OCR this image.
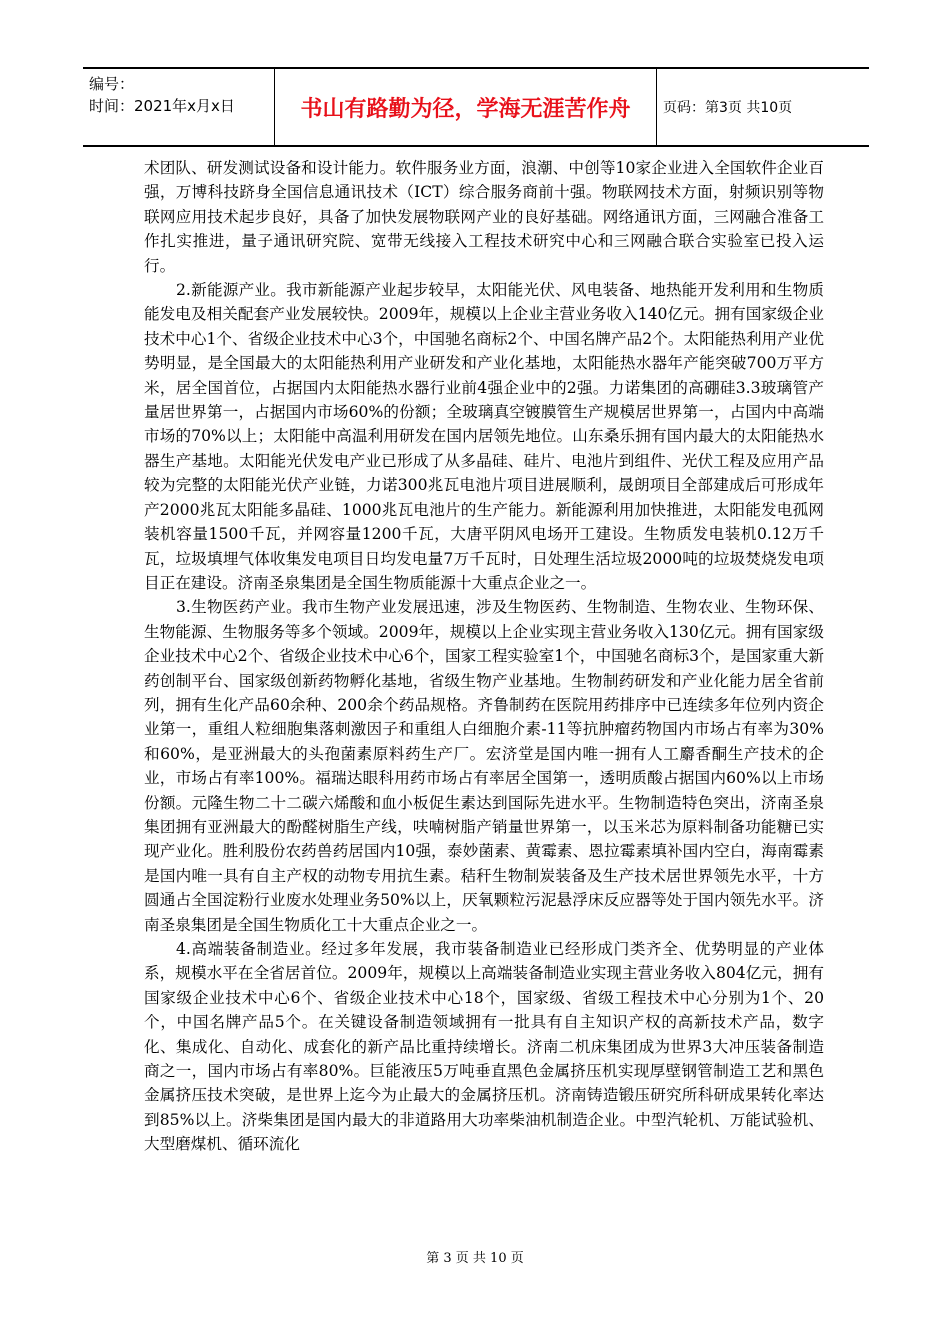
编号：
时间：2021年x月x日	书山有路勤为径，学海无涯苦作舟	页码：第3页 共10页

术团队、研发测试设备和设计能力。软件服务业方面，浪潮、中创等10家企业进入全国软件企业百强，万博科技跻身全国信息通讯技术（ICT）综合服务商前十强。物联网技术方面，射频识别等物联网应用技术起步良好，具备了加快发展物联网产业的良好基础。网络通讯方面，三网融合准备工作扎实推进，量子通讯研究院、宽带无线接入工程技术研究中心和三网融合联合实验室已投入运行。

2.新能源产业。我市新能源产业起步较早，太阳能光伏、风电装备、地热能开发利用和生物质能发电及相关配套产业发展较快。2009年，规模以上企业主营业务收入140亿元。拥有国家级企业技术中心1个、省级企业技术中心3个，中国驰名商标2个、中国名牌产品2个。太阳能热利用产业优势明显，是全国最大的太阳能热利用产业研发和产业化基地，太阳能热水器年产能突破700万平方米，居全国首位，占据国内太阳能热水器行业前4强企业中的2强。力诺集团的高硼硅3.3玻璃管产量居世界第一，占据国内市场60%的份额；全玻璃真空镀膜管生产规模居世界第一，占国内中高端市场的70%以上；太阳能中高温利用研发在国内居领先地位。山东桑乐拥有国内最大的太阳能热水器生产基地。太阳能光伏发电产业已形成了从多晶硅、硅片、电池片到组件、光伏工程及应用产品较为完整的太阳能光伏产业链，力诺300兆瓦电池片项目进展顺利，晟朗项目全部建成后可形成年产2000兆瓦太阳能多晶硅、1000兆瓦电池片的生产能力。新能源利用加快推进，太阳能发电孤网装机容量1500千瓦，并网容量1200千瓦，大唐平阴风电场开工建设。生物质发电装机0.12万千瓦，垃圾填埋气体收集发电项目日均发电量7万千瓦时，日处理生活垃圾2000吨的垃圾焚烧发电项目正在建设。济南圣泉集团是全国生物质能源十大重点企业之一。

3.生物医药产业。我市生物产业发展迅速，涉及生物医药、生物制造、生物农业、生物环保、生物能源、生物服务等多个领域。2009年，规模以上企业实现主营业务收入130亿元。拥有国家级企业技术中心2个、省级企业技术中心6个，国家工程实验室1个，中国驰名商标3个，是国家重大新药创制平台、国家级创新药物孵化基地，省级生物产业基地。生物制药研发和产业化能力居全省前列，拥有生化产品60余种、200余个药品规格。齐鲁制药在医院用药排序中已连续多年位列内资企业第一，重组人粒细胞集落刺激因子和重组人白细胞介素-11等抗肿瘤药物国内市场占有率为30%和60%，是亚洲最大的头孢菌素原料药生产厂。宏济堂是国内唯一拥有人工麝香酮生产技术的企业，市场占有率100%。福瑞达眼科用药市场占有率居全国第一，透明质酸占据国内60%以上市场份额。元隆生物二十二碳六烯酸和血小板促生素达到国际先进水平。生物制造特色突出，济南圣泉集团拥有亚洲最大的酚醛树脂生产线，呋喃树脂产销量世界第一，以玉米芯为原料制备功能糖已实现产业化。胜利股份农药兽药居国内10强，泰妙菌素、黄霉素、恩拉霉素填补国内空白，海南霉素是国内唯一具有自主产权的动物专用抗生素。秸秆生物制炭装备及生产技术居世界领先水平，十方圆通占全国淀粉行业废水处理业务50%以上，厌氧颗粒污泥悬浮床反应器等处于国内领先水平。济南圣泉集团是全国生物质化工十大重点企业之一。

4.高端装备制造业。经过多年发展，我市装备制造业已经形成门类齐全、优势明显的产业体系，规模水平在全省居首位。2009年，规模以上高端装备制造业实现主营业务收入804亿元，拥有国家级企业技术中心6个、省级企业技术中心18个，国家级、省级工程技术中心分别为1个、20个，中国名牌产品5个。在关键设备制造领域拥有一批具有自主知识产权的高新技术产品，数字化、集成化、自动化、成套化的新产品比重持续增长。济南二机床集团成为世界3大冲压装备制造商之一，国内市场占有率80%。巨能液压5万吨垂直黑色金属挤压机实现厚壁钢管制造工艺和黑色金属挤压技术突破，是世界上迄今为止最大的金属挤压机。济南铸造锻压研究所科研成果转化率达到85%以上。济柴集团是国内最大的非道路用大功率柴油机制造企业。中型汽轮机、万能试验机、大型磨煤机、循环流化

第 3 页 共 10 页
